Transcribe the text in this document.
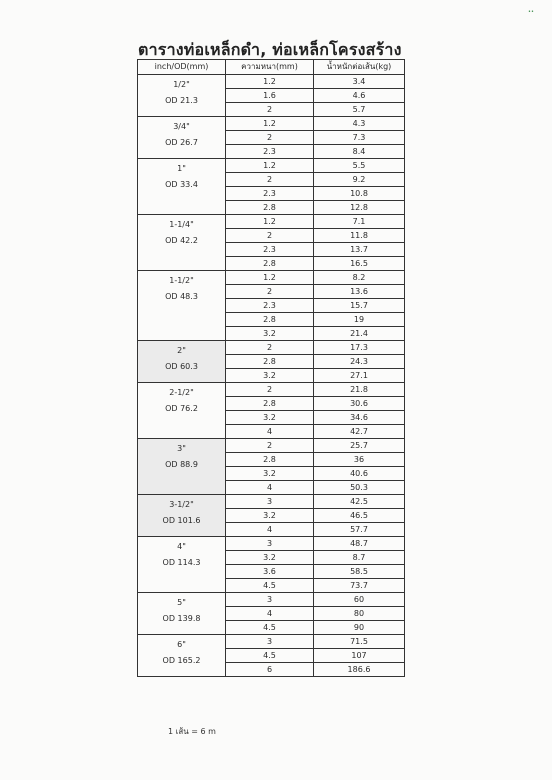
••
ตารางท่อเหล็กดำ, ท่อเหล็กโครงสร้าง
inch/OD(mm)	ความหนา(mm)	น้ำหนักต่อเส้น(kg)

1/2"
OD 21.3	1.2	3.4
	1.6	4.6
	2	5.7

3/4"
OD 26.7	1.2	4.3
	2	7.3
	2.3	8.4

1"
OD 33.4	1.2	5.5
	2	9.2
	2.3	10.8
	2.8	12.8

1-1/4"
OD 42.2	1.2	7.1
	2	11.8
	2.3	13.7
	2.8	16.5

1-1/2"
OD 48.3	1.2	8.2
	2	13.6
	2.3	15.7
	2.8	19
	3.2	21.4

2"
OD 60.3	2	17.3
	2.8	24.3
	3.2	27.1

2-1/2"
OD 76.2	2	21.8
	2.8	30.6
	3.2	34.6
	4	42.7

3"
OD 88.9	2	25.7
	2.8	36
	3.2	40.6
	4	50.3

3-1/2"
OD 101.6	3	42.5
	3.2	46.5
	4	57.7

4"
OD 114.3	3	48.7
	3.2	8.7
	3.6	58.5
	4.5	73.7

5"
OD 139.8	3	60
	4	80
	4.5	90

6"
OD 165.2	3	71.5
	4.5	107
	6	186.6
1 เส้น = 6 m
